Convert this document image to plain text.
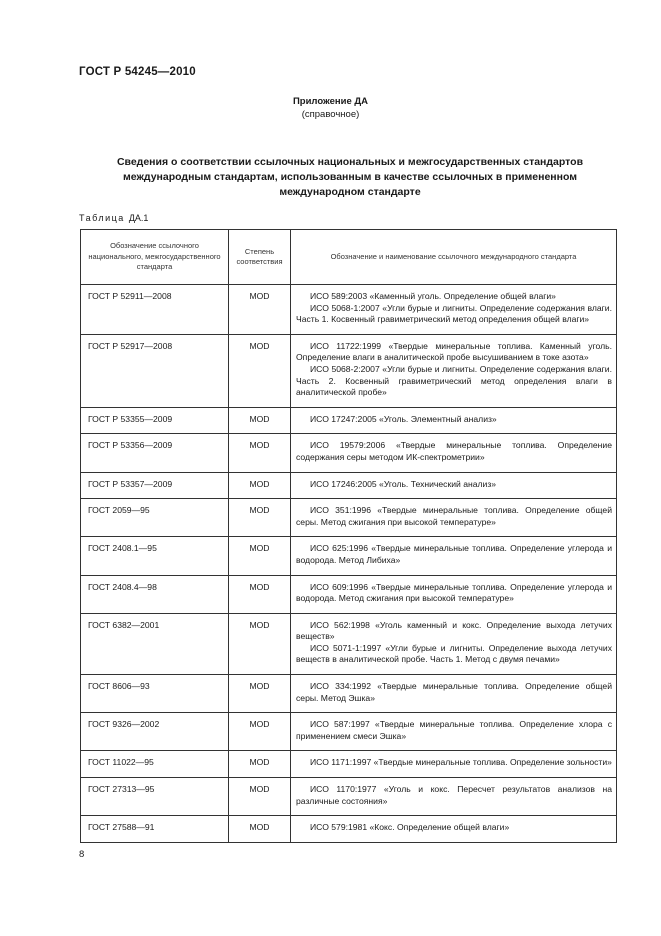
ГОСТ Р 54245—2010
Приложение ДА
(справочное)
Сведения о соответствии ссылочных национальных и межгосударственных стандартов международным стандартам, использованным в качестве ссылочных в примененном международном стандарте
Таблица ДА.1
Обозначение ссылочного национального, межгосударственного стандарта	Степень соответствия	Обозначение и наименование ссылочного международного стандарта
ГОСТ Р 52911—2008	MOD	ИСО 589:2003 «Каменный уголь. Определение общей влаги»
ИСО 5068-1:2007 «Угли бурые и лигниты. Определение содержания влаги. Часть 1. Косвенный гравиметрический метод определения общей влаги»

ГОСТ Р 52917—2008	MOD	ИСО 11722:1999 «Твердые минеральные топлива. Каменный уголь. Определение влаги в аналитической пробе высушиванием в токе азота»
ИСО 5068-2:2007 «Угли бурые и лигниты. Определение содержания влаги. Часть 2. Косвенный гравиметрический метод определения влаги в аналитической пробе»

ГОСТ Р 53355—2009	MOD	ИСО 17247:2005 «Уголь. Элементный анализ»

ГОСТ Р 53356—2009	MOD	ИСО 19579:2006 «Твердые минеральные топлива. Определение содержания серы методом ИК-спектрометрии»

ГОСТ Р 53357—2009	MOD	ИСО 17246:2005 «Уголь. Технический анализ»

ГОСТ 2059—95	MOD	ИСО 351:1996 «Твердые минеральные топлива. Определение общей серы. Метод сжигания при высокой температуре»

ГОСТ 2408.1—95	MOD	ИСО 625:1996 «Твердые минеральные топлива. Определение углерода и водорода. Метод Либиха»

ГОСТ 2408.4—98	MOD	ИСО 609:1996 «Твердые минеральные топлива. Определение углерода и водорода. Метод сжигания при высокой температуре»

ГОСТ 6382—2001	MOD	ИСО 562:1998 «Уголь каменный и кокс. Определение выхода летучих веществ»
ИСО 5071-1:1997 «Угли бурые и лигниты. Определение выхода летучих веществ в аналитической пробе. Часть 1. Метод с двумя печами»

ГОСТ 8606—93	MOD	ИСО 334:1992 «Твердые минеральные топлива. Определение общей серы. Метод Эшка»

ГОСТ 9326—2002	MOD	ИСО 587:1997 «Твердые минеральные топлива. Определение хлора с применением смеси Эшка»

ГОСТ 11022—95	MOD	ИСО 1171:1997 «Твердые минеральные топлива. Определение зольности»

ГОСТ 27313—95	MOD	ИСО 1170:1977 «Уголь и кокс. Пересчет результатов анализов на различные состояния»

ГОСТ 27588—91	MOD	ИСО 579:1981 «Кокс. Определение общей влаги»
8
